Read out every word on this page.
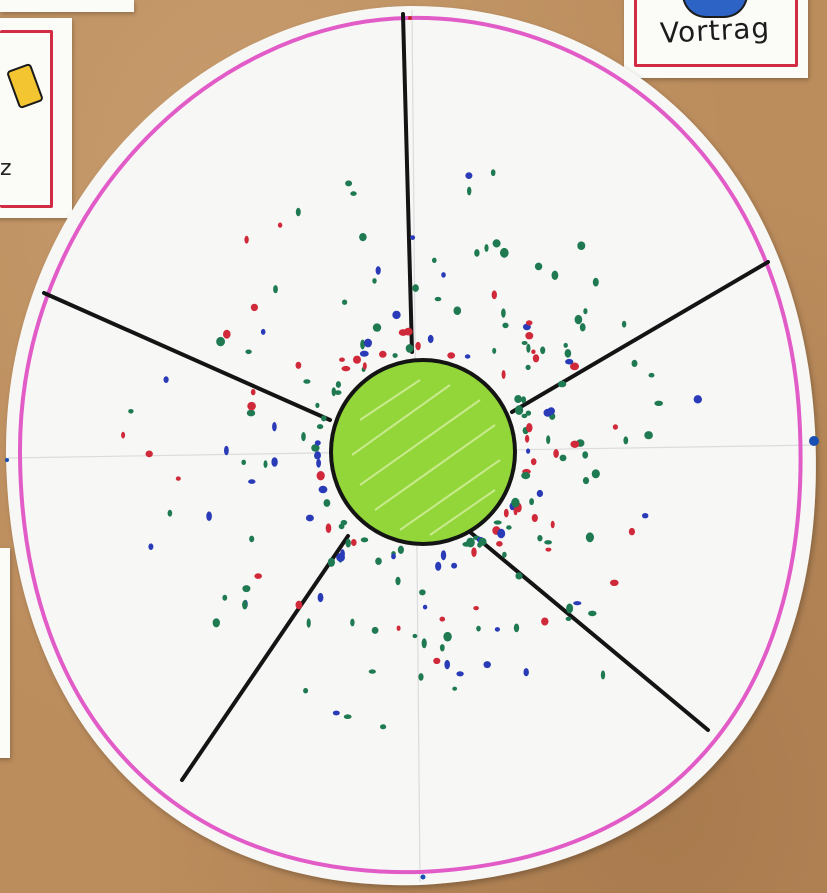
z
Vortrag
